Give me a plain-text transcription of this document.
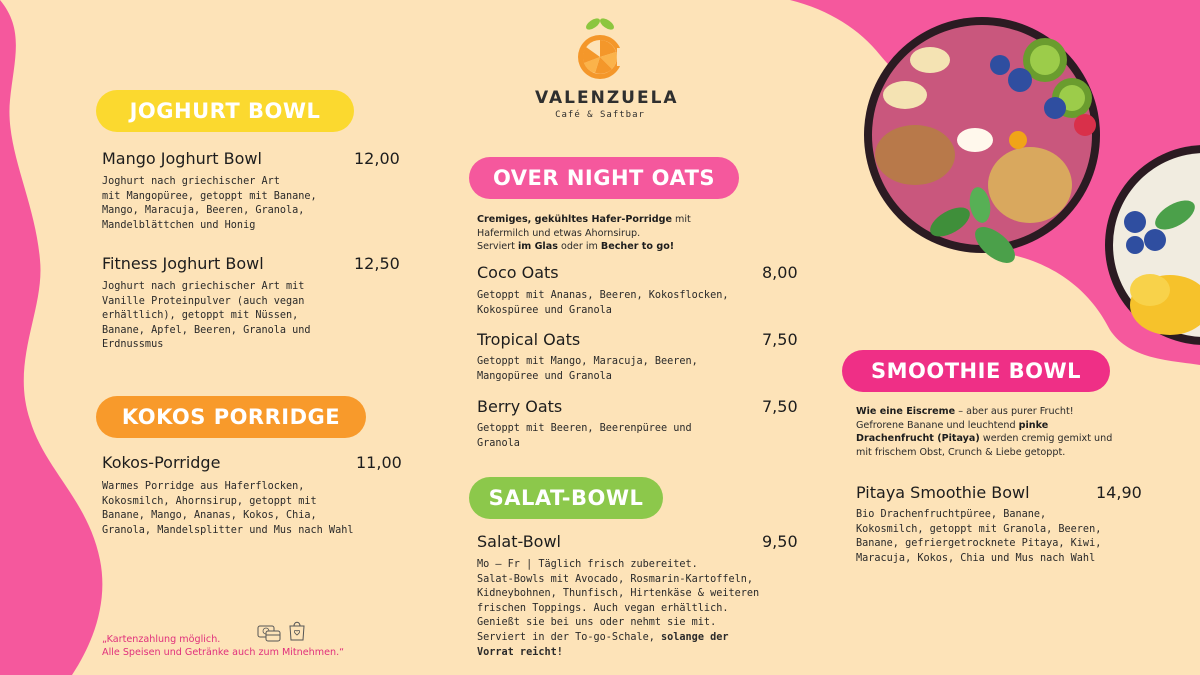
VALENZUELA
Café & Saftbar
JOGHURT BOWL
Mango Joghurt Bowl	12,00
Joghurt nach griechischer Art
mit Mangopüree, getoppt mit Banane,
Mango, Maracuja, Beeren, Granola,
Mandelblättchen und Honig
Fitness Joghurt Bowl	12,50
Joghurt nach griechischer Art mit
Vanille Proteinpulver (auch vegan
erhältlich), getoppt mit Nüssen,
Banane, Apfel, Beeren, Granola und
Erdnussmus
KOKOS PORRIDGE
Kokos-Porridge	11,00
Warmes Porridge aus Haferflocken,
Kokosmilch, Ahornsirup, getoppt mit
Banane, Mango, Ananas, Kokos, Chia,
Granola, Mandelsplitter und Mus nach Wahl
„Kartenzahlung möglich.
Alle Speisen und Getränke auch zum Mitnehmen.“
OVER NIGHT OATS
Cremiges, gekühltes Hafer-Porridge mit Hafermilch und etwas Ahornsirup.
Serviert im Glas oder im Becher to go!
Coco Oats	8,00
Getoppt mit Ananas, Beeren, Kokosflocken,
Kokospüree und Granola
Tropical Oats	7,50
Getoppt mit Mango, Maracuja, Beeren,
Mangopüree und Granola
Berry Oats	7,50
Getoppt mit Beeren, Beerenpüree und
Granola
SALAT-BOWL
Salat-Bowl	9,50
Mo – Fr | Täglich frisch zubereitet.
Salat-Bowls mit Avocado, Rosmarin-Kartoffeln,
Kidneybohnen, Thunfisch, Hirtenkäse & weiteren
frischen Toppings. Auch vegan erhältlich.
Genießt sie bei uns oder nehmt sie mit.
Serviert in der To-go-Schale, solange der
Vorrat reicht!
SMOOTHIE BOWL
Wie eine Eiscreme – aber aus purer Frucht!
Gefrorene Banane und leuchtend pinke Drachenfrucht (Pitaya) werden cremig gemixt und mit frischem Obst, Crunch & Liebe getoppt.
Pitaya Smoothie Bowl	14,90
Bio Drachenfruchtpüree, Banane,
Kokosmilch, getoppt mit Granola, Beeren,
Banane, gefriergetrocknete Pitaya, Kiwi,
Maracuja, Kokos, Chia und Mus nach Wahl
